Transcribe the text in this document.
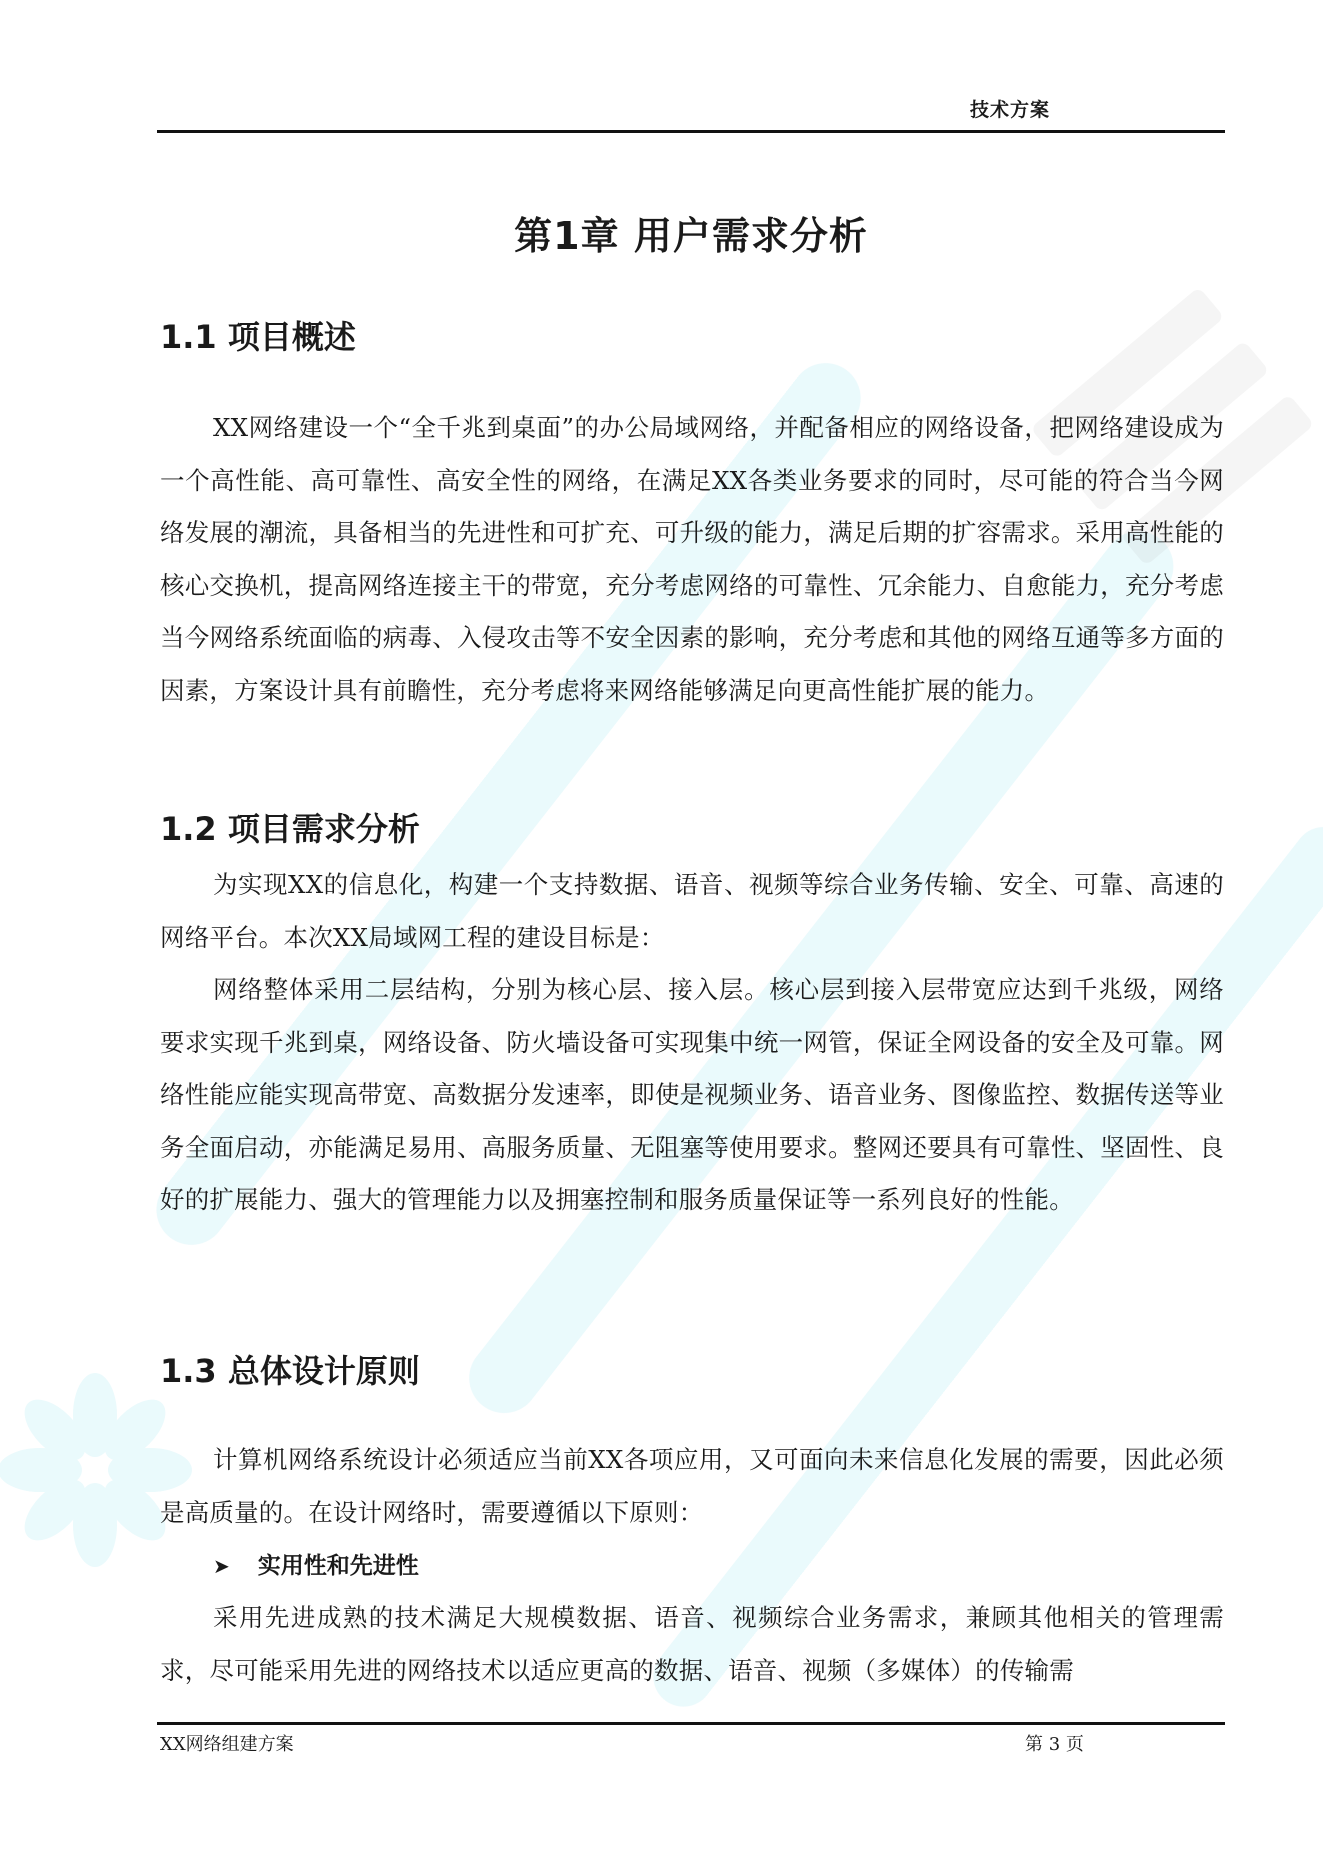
技术方案
第1章 用户需求分析
1.1 项目概述
XX网络建设一个“全千兆到桌面”的办公局域网络，并配备相应的网络设备，把网络建设成为一个高性能、高可靠性、高安全性的网络，在满足XX各类业务要求的同时，尽可能的符合当今网络发展的潮流，具备相当的先进性和可扩充、可升级的能力，满足后期的扩容需求。采用高性能的核心交换机，提高网络连接主干的带宽，充分考虑网络的可靠性、冗余能力、自愈能力，充分考虑当今网络系统面临的病毒、入侵攻击等不安全因素的影响，充分考虑和其他的网络互通等多方面的因素，方案设计具有前瞻性，充分考虑将来网络能够满足向更高性能扩展的能力。
1.2 项目需求分析
为实现XX的信息化，构建一个支持数据、语音、视频等综合业务传输、安全、可靠、高速的网络平台。本次XX局域网工程的建设目标是：
网络整体采用二层结构，分别为核心层、接入层。核心层到接入层带宽应达到千兆级，网络要求实现千兆到桌，网络设备、防火墙设备可实现集中统一网管，保证全网设备的安全及可靠。网络性能应能实现高带宽、高数据分发速率，即使是视频业务、语音业务、图像监控、数据传送等业务全面启动，亦能满足易用、高服务质量、无阻塞等使用要求。整网还要具有可靠性、坚固性、良好的扩展能力、强大的管理能力以及拥塞控制和服务质量保证等一系列良好的性能。
1.3 总体设计原则
计算机网络系统设计必须适应当前XX各项应用，又可面向未来信息化发展的需要，因此必须是高质量的。在设计网络时，需要遵循以下原则：
➤ 实用性和先进性
采用先进成熟的技术满足大规模数据、语音、视频综合业务需求，兼顾其他相关的管理需求，尽可能采用先进的网络技术以适应更高的数据、语音、视频（多媒体）的传输需
XX网络组建方案	第 3 页
